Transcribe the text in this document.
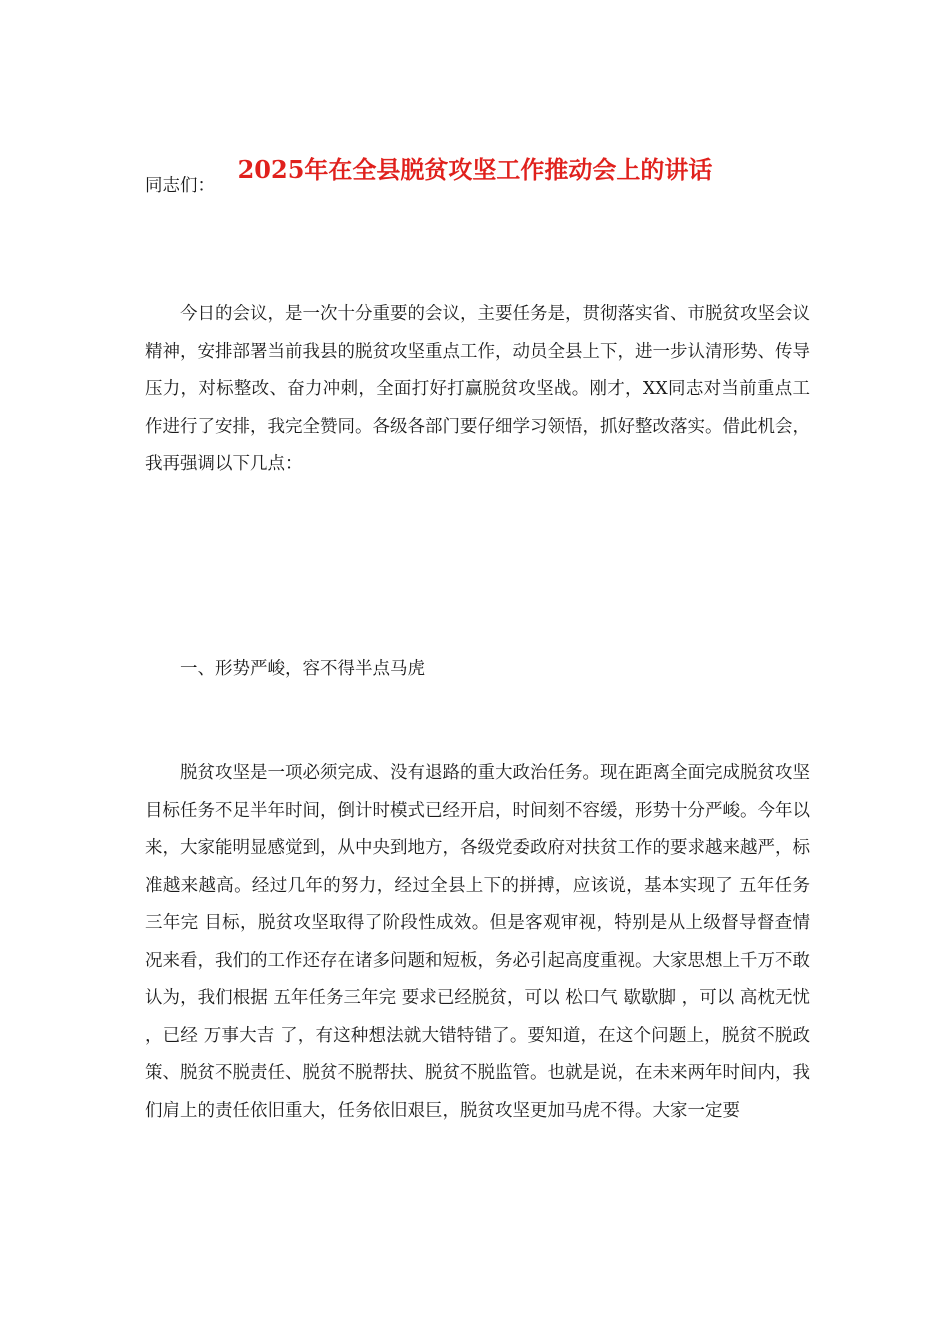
2025年在全县脱贫攻坚工作推动会上的讲话
同志们：

今日的会议，是一次十分重要的会议，主要任务是，贯彻落实省、市脱贫攻坚会议精神，安排部署当前我县的脱贫攻坚重点工作，动员全县上下，进一步认清形势、传导压力，对标整改、奋力冲刺，全面打好打赢脱贫攻坚战。刚才，XX同志对当前重点工作进行了安排，我完全赞同。各级各部门要仔细学习领悟，抓好整改落实。借此机会，我再强调以下几点：

一、形势严峻，容不得半点马虎

脱贫攻坚是一项必须完成、没有退路的重大政治任务。现在距离全面完成脱贫攻坚目标任务不足半年时间，倒计时模式已经开启，时间刻不容缓，形势十分严峻。今年以来，大家能明显感觉到，从中央到地方，各级党委政府对扶贫工作的要求越来越严，标准越来越高。经过几年的努力，经过全县上下的拼搏，应该说，基本实现了 五年任务三年完 目标，脱贫攻坚取得了阶段性成效。但是客观审视，特别是从上级督导督查情况来看，我们的工作还存在诸多问题和短板，务必引起高度重视。大家思想上千万不敢认为，我们根据 五年任务三年完 要求已经脱贫，可以 松口气 歇歇脚 ，可以 高枕无忧 ，已经 万事大吉 了，有这种想法就大错特错了。要知道，在这个问题上，脱贫不脱政策、脱贫不脱责任、脱贫不脱帮扶、脱贫不脱监管。也就是说，在未来两年时间内，我们肩上的责任依旧重大，任务依旧艰巨，脱贫攻坚更加马虎不得。大家一定要
